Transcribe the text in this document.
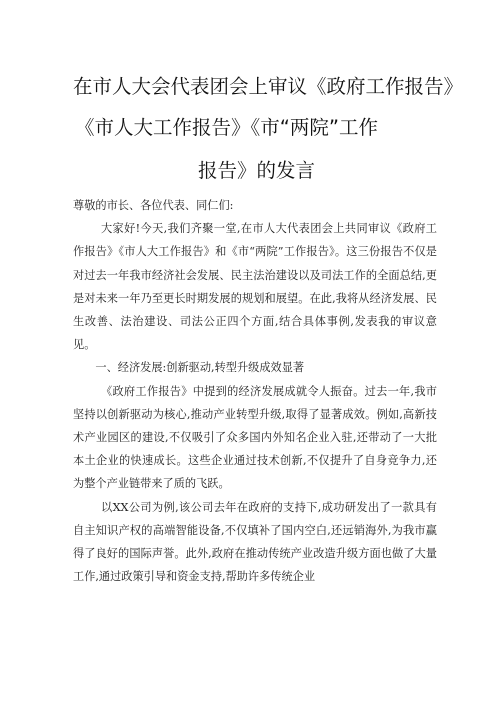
在市人大会代表团会上审议《政府工作报告》
《市人大工作报告》《市“两院”工作
报告》的发言

尊敬的市长、各位代表、同仁们:

大家好!今天,我们齐聚一堂,在市人大代表团会上共同审议《政府工作报告》《市人大工作报告》和《市“两院”工作报告》。这三份报告不仅是对过去一年我市经济社会发展、民主法治建设以及司法工作的全面总结,更是对未来一年乃至更长时期发展的规划和展望。在此,我将从经济发展、民生改善、法治建设、司法公正四个方面,结合具体事例,发表我的审议意见。

一、经济发展:创新驱动,转型升级成效显著

《政府工作报告》中提到的经济发展成就令人振奋。过去一年,我市坚持以创新驱动为核心,推动产业转型升级,取得了显著成效。例如,高新技术产业园区的建设,不仅吸引了众多国内外知名企业入驻,还带动了一大批本土企业的快速成长。这些企业通过技术创新,不仅提升了自身竞争力,还为整个产业链带来了质的飞跃。

以XX公司为例,该公司去年在政府的支持下,成功研发出了一款具有自主知识产权的高端智能设备,不仅填补了国内空白,还远销海外,为我市赢得了良好的国际声誉。此外,政府在推动传统产业改造升级方面也做了大量工作,通过政策引导和资金支持,帮助许多传统企业
